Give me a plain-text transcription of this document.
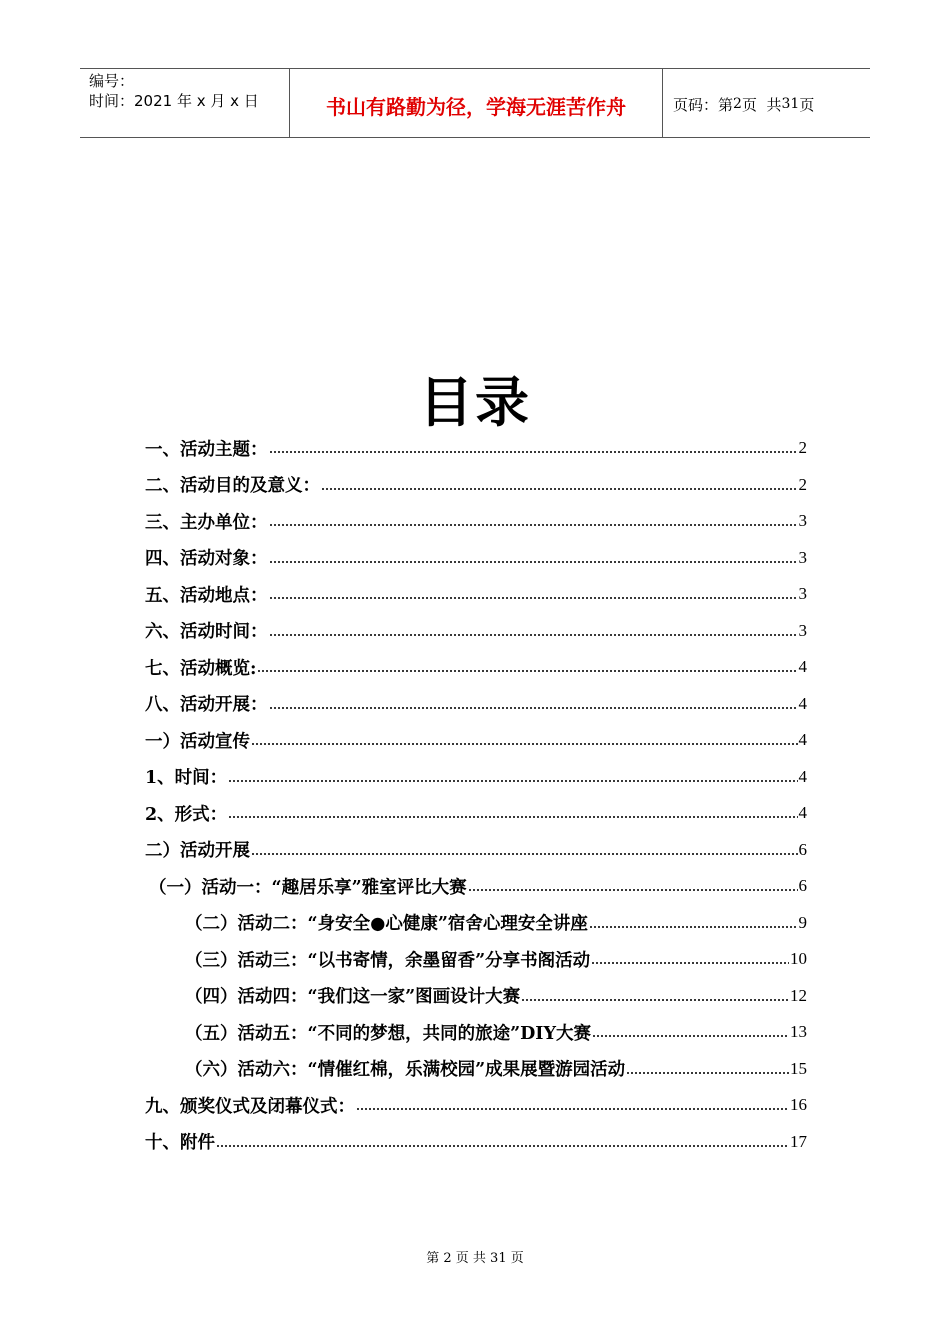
编号：
时间：2021 年 x 月 x 日	书山有路勤为径，学海无涯苦作舟	页码：第 2 页  共 31 页
目录
一、活动主题：	2
二、活动目的及意义：	2
三、主办单位：	3
四、活动对象：	3
五、活动地点：	3
六、活动时间：	3
七、活动概览:	4
八、活动开展：	4
一）活动宣传	4
1、时间：	4
2、形式：	4
二）活动开展	6
（一）活动一：“趣居乐享”雅室评比大赛	6
（二）活动二：“身安全●心健康”宿舍心理安全讲座	9
（三）活动三：“以书寄情，余墨留香”分享书阁活动	10
（四）活动四：“我们这一家”图画设计大赛	12
（五）活动五：“不同的梦想，共同的旅途”DIY大赛	13
（六）活动六：“情催红棉，乐满校园”成果展暨游园活动	15
九、颁奖仪式及闭幕仪式：	16
十、附件	17
第 2 页 共 31 页
